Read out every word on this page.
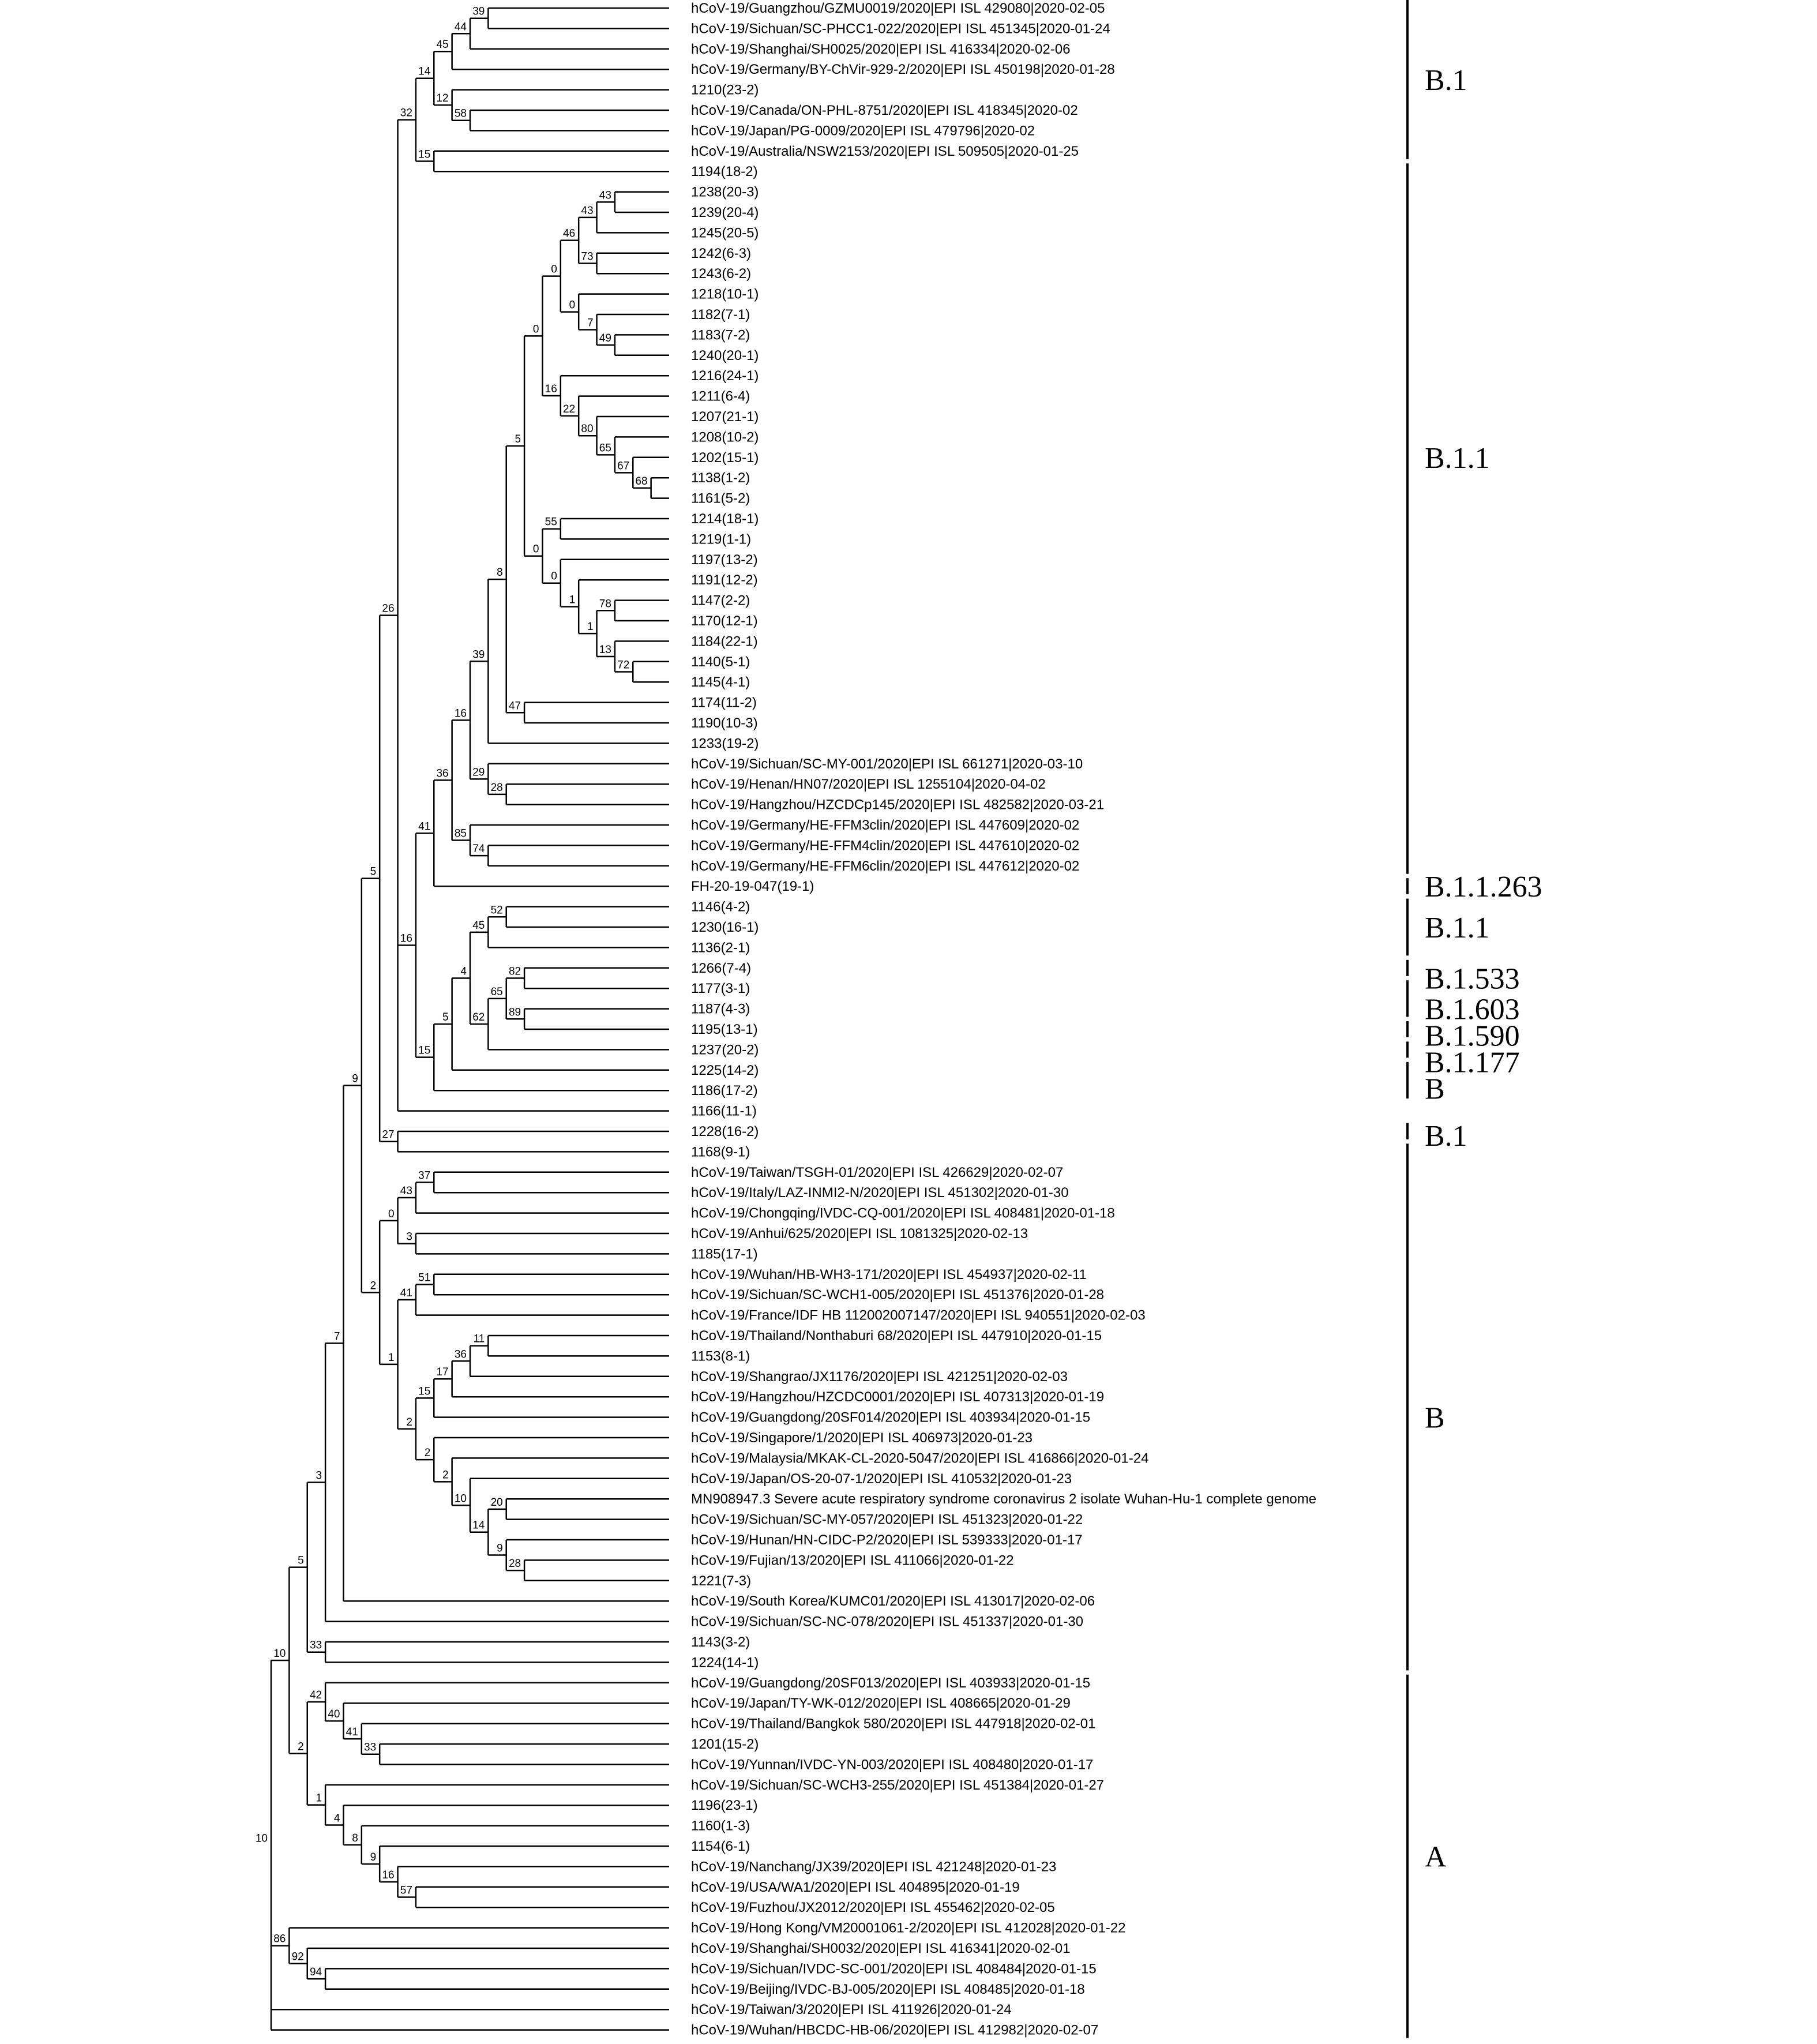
39
44
45
58
12
14
15
32
43
43
73
46
49
7
0
0
68
67
65
80
22
16
0
55
78
72
13
1
1
0
0
5
47
8
39
28
29
16
74
85
36
41
52
45
82
89
65
62
4
5
15
16
26
27
5
37
43
3
0
51
41
11
36
17
15
20
28
9
14
10
2
2
2
1
2
9
7
3
33
5
33
41
40
42
57
16
9
8
4
1
2
10
94
92
86
10
hCoV-19/Guangzhou/GZMU0019/2020|EPI ISL 429080|2020-02-05
hCoV-19/Sichuan/SC-PHCC1-022/2020|EPI ISL 451345|2020-01-24
hCoV-19/Shanghai/SH0025/2020|EPI ISL 416334|2020-02-06
hCoV-19/Germany/BY-ChVir-929-2/2020|EPI ISL 450198|2020-01-28
1210(23-2)
hCoV-19/Canada/ON-PHL-8751/2020|EPI ISL 418345|2020-02
hCoV-19/Japan/PG-0009/2020|EPI ISL 479796|2020-02
hCoV-19/Australia/NSW2153/2020|EPI ISL 509505|2020-01-25
1194(18-2)
1238(20-3)
1239(20-4)
1245(20-5)
1242(6-3)
1243(6-2)
1218(10-1)
1182(7-1)
1183(7-2)
1240(20-1)
1216(24-1)
1211(6-4)
1207(21-1)
1208(10-2)
1202(15-1)
1138(1-2)
1161(5-2)
1214(18-1)
1219(1-1)
1197(13-2)
1191(12-2)
1147(2-2)
1170(12-1)
1184(22-1)
1140(5-1)
1145(4-1)
1174(11-2)
1190(10-3)
1233(19-2)
hCoV-19/Sichuan/SC-MY-001/2020|EPI ISL 661271|2020-03-10
hCoV-19/Henan/HN07/2020|EPI ISL 1255104|2020-04-02
hCoV-19/Hangzhou/HZCDCp145/2020|EPI ISL 482582|2020-03-21
hCoV-19/Germany/HE-FFM3clin/2020|EPI ISL 447609|2020-02
hCoV-19/Germany/HE-FFM4clin/2020|EPI ISL 447610|2020-02
hCoV-19/Germany/HE-FFM6clin/2020|EPI ISL 447612|2020-02
FH-20-19-047(19-1)
1146(4-2)
1230(16-1)
1136(2-1)
1266(7-4)
1177(3-1)
1187(4-3)
1195(13-1)
1237(20-2)
1225(14-2)
1186(17-2)
1166(11-1)
1228(16-2)
1168(9-1)
hCoV-19/Taiwan/TSGH-01/2020|EPI ISL 426629|2020-02-07
hCoV-19/Italy/LAZ-INMI2-N/2020|EPI ISL 451302|2020-01-30
hCoV-19/Chongqing/IVDC-CQ-001/2020|EPI ISL 408481|2020-01-18
hCoV-19/Anhui/625/2020|EPI ISL 1081325|2020-02-13
1185(17-1)
hCoV-19/Wuhan/HB-WH3-171/2020|EPI ISL 454937|2020-02-11
hCoV-19/Sichuan/SC-WCH1-005/2020|EPI ISL 451376|2020-01-28
hCoV-19/France/IDF HB 112002007147/2020|EPI ISL 940551|2020-02-03
hCoV-19/Thailand/Nonthaburi 68/2020|EPI ISL 447910|2020-01-15
1153(8-1)
hCoV-19/Shangrao/JX1176/2020|EPI ISL 421251|2020-02-03
hCoV-19/Hangzhou/HZCDC0001/2020|EPI ISL 407313|2020-01-19
hCoV-19/Guangdong/20SF014/2020|EPI ISL 403934|2020-01-15
hCoV-19/Singapore/1/2020|EPI ISL 406973|2020-01-23
hCoV-19/Malaysia/MKAK-CL-2020-5047/2020|EPI ISL 416866|2020-01-24
hCoV-19/Japan/OS-20-07-1/2020|EPI ISL 410532|2020-01-23
MN908947.3 Severe acute respiratory syndrome coronavirus 2 isolate Wuhan-Hu-1 complete genome
hCoV-19/Sichuan/SC-MY-057/2020|EPI ISL 451323|2020-01-22
hCoV-19/Hunan/HN-CIDC-P2/2020|EPI ISL 539333|2020-01-17
hCoV-19/Fujian/13/2020|EPI ISL 411066|2020-01-22
1221(7-3)
hCoV-19/South Korea/KUMC01/2020|EPI ISL 413017|2020-02-06
hCoV-19/Sichuan/SC-NC-078/2020|EPI ISL 451337|2020-01-30
1143(3-2)
1224(14-1)
hCoV-19/Guangdong/20SF013/2020|EPI ISL 403933|2020-01-15
hCoV-19/Japan/TY-WK-012/2020|EPI ISL 408665|2020-01-29
hCoV-19/Thailand/Bangkok 580/2020|EPI ISL 447918|2020-02-01
1201(15-2)
hCoV-19/Yunnan/IVDC-YN-003/2020|EPI ISL 408480|2020-01-17
hCoV-19/Sichuan/SC-WCH3-255/2020|EPI ISL 451384|2020-01-27
1196(23-1)
1160(1-3)
1154(6-1)
hCoV-19/Nanchang/JX39/2020|EPI ISL 421248|2020-01-23
hCoV-19/USA/WA1/2020|EPI ISL 404895|2020-01-19
hCoV-19/Fuzhou/JX2012/2020|EPI ISL 455462|2020-02-05
hCoV-19/Hong Kong/VM20001061-2/2020|EPI ISL 412028|2020-01-22
hCoV-19/Shanghai/SH0032/2020|EPI ISL 416341|2020-02-01
hCoV-19/Sichuan/IVDC-SC-001/2020|EPI ISL 408484|2020-01-15
hCoV-19/Beijing/IVDC-BJ-005/2020|EPI ISL 408485|2020-01-18
hCoV-19/Taiwan/3/2020|EPI ISL 411926|2020-01-24
hCoV-19/Wuhan/HBCDC-HB-06/2020|EPI ISL 412982|2020-02-07
B.1
B.1.1
B.1.1.263
B.1.1
B.1.533
B.1.603
B.1.590
B.1.177
B
B.1
B
A
